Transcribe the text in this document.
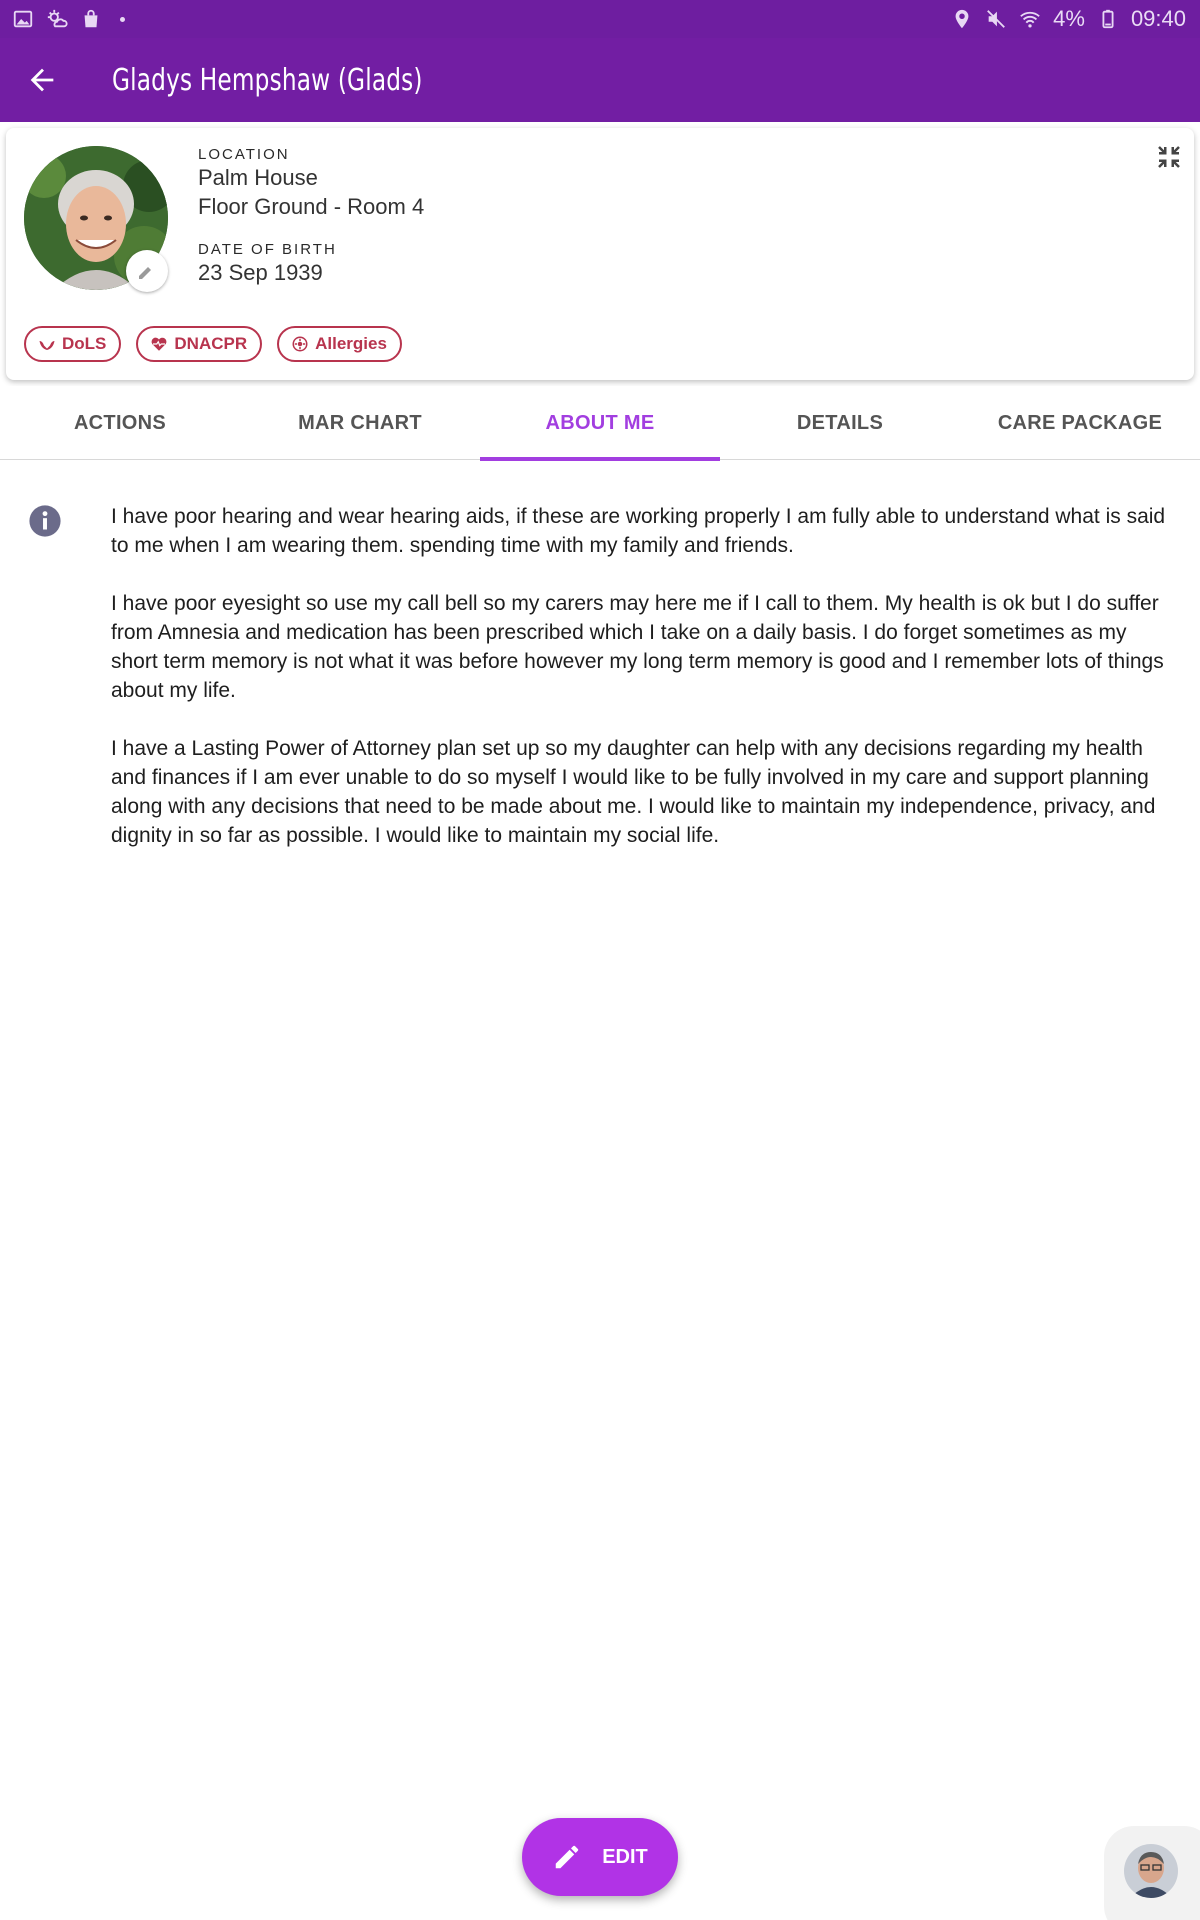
4% 09:40
Gladys Hempshaw (Glads)
LOCATION
Palm House
Floor Ground - Room 4
DATE OF BIRTH
23 Sep 1939
DoLS	DNACPR	Allergies
ACTIONS	MAR CHART	ABOUT ME	DETAILS	CARE PACKAGE

I have poor hearing and wear hearing aids, if these are working properly I am fully able to understand what is said to me when I am wearing them. spending time with my family and friends.

I have poor eyesight so use my call bell so my carers may here me if I call to them. My health is ok but I do suffer from Amnesia and medication has been prescribed which I take on a daily basis. I do forget sometimes as my short term memory is not what it was before however my long term memory is good and I remember lots of things about my life.

I have a Lasting Power of Attorney plan set up so my daughter can help with any decisions regarding my health and finances if I am ever unable to do so myself I would like to be fully involved in my care and support planning along with any decisions that need to be made about me. I would like to maintain my independence, privacy, and dignity in so far as possible. I would like to maintain my social life.

EDIT
